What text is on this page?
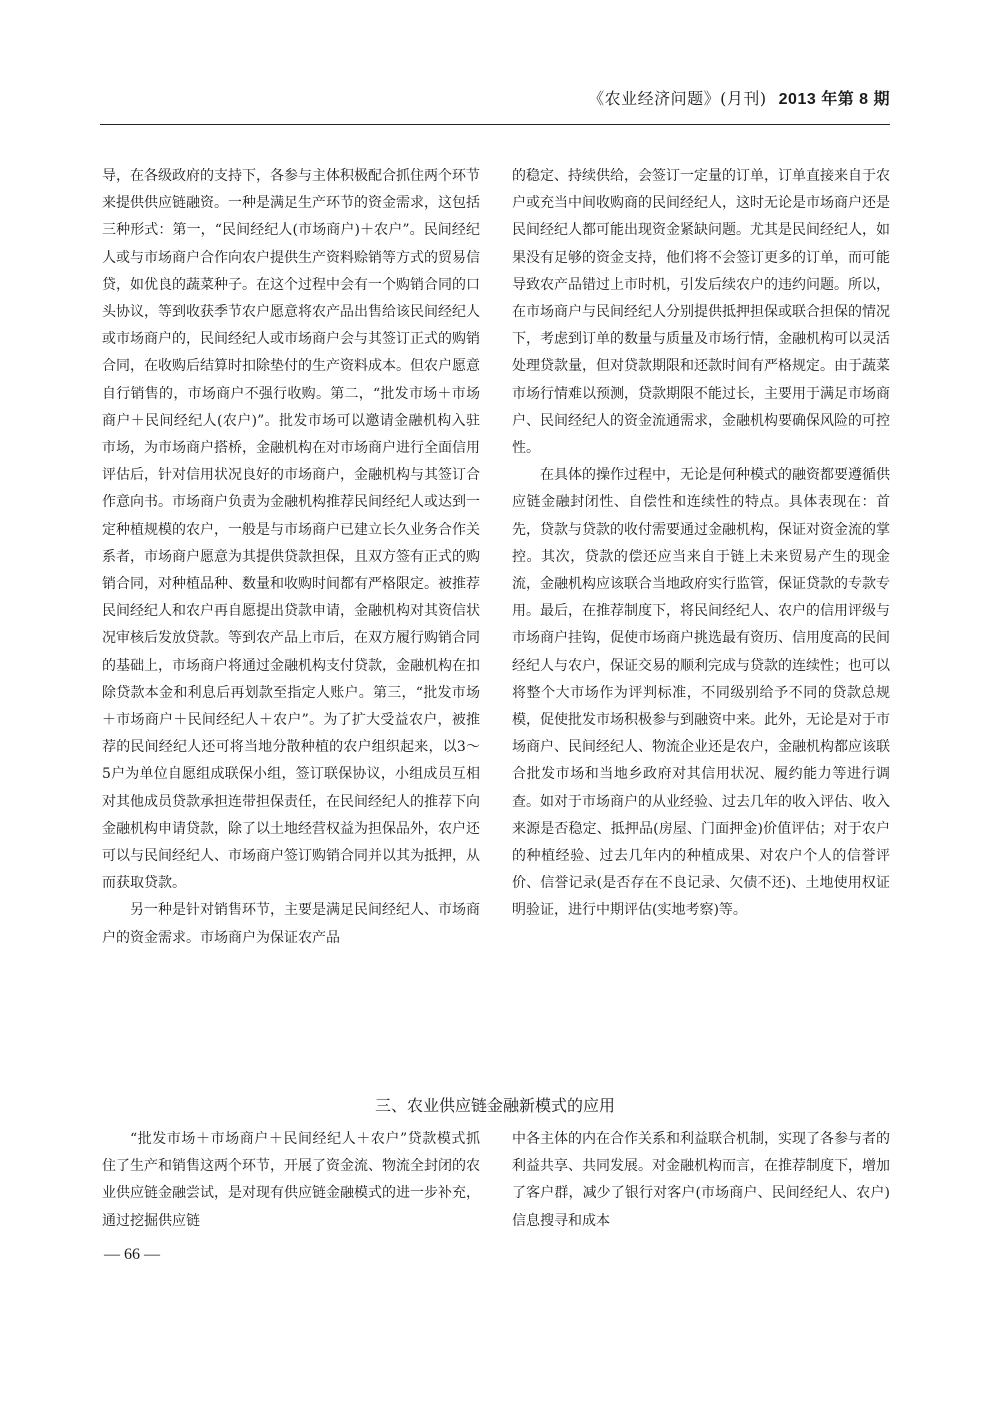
《农业经济问题》(月刊) 2013 年第 8 期

导，在各级政府的支持下，各参与主体积极配合抓住两个环节来提供供应链融资。一种是满足生产环节的资金需求，这包括三种形式：第一，“民间经纪人(市场商户)＋农户”。民间经纪人或与市场商户合作向农户提供生产资料赊销等方式的贸易信贷，如优良的蔬菜种子。在这个过程中会有一个购销合同的口头协议，等到收获季节农户愿意将农产品出售给该民间经纪人或市场商户的，民间经纪人或市场商户会与其签订正式的购销合同，在收购后结算时扣除垫付的生产资料成本。但农户愿意自行销售的，市场商户不强行收购。第二，“批发市场＋市场商户＋民间经纪人(农户)”。批发市场可以邀请金融机构入驻市场，为市场商户搭桥，金融机构在对市场商户进行全面信用评估后，针对信用状况良好的市场商户，金融机构与其签订合作意向书。市场商户负责为金融机构推荐民间经纪人或达到一定种植规模的农户，一般是与市场商户已建立长久业务合作关系者，市场商户愿意为其提供贷款担保，且双方签有正式的购销合同，对种植品种、数量和收购时间都有严格限定。被推荐民间经纪人和农户再自愿提出贷款申请，金融机构对其资信状况审核后发放贷款。等到农产品上市后，在双方履行购销合同的基础上，市场商户将通过金融机构支付贷款，金融机构在扣除贷款本金和利息后再划款至指定人账户。第三，“批发市场＋市场商户＋民间经纪人＋农户”。为了扩大受益农户，被推荐的民间经纪人还可将当地分散种植的农户组织起来，以3～5户为单位自愿组成联保小组，签订联保协议，小组成员互相对其他成员贷款承担连带担保责任，在民间经纪人的推荐下向金融机构申请贷款，除了以土地经营权益为担保品外，农户还可以与民间经纪人、市场商户签订购销合同并以其为抵押，从而获取贷款。

另一种是针对销售环节，主要是满足民间经纪人、市场商户的资金需求。市场商户为保证农产品

的稳定、持续供给，会签订一定量的订单，订单直接来自于农户或充当中间收购商的民间经纪人，这时无论是市场商户还是民间经纪人都可能出现资金紧缺问题。尤其是民间经纪人，如果没有足够的资金支持，他们将不会签订更多的订单，而可能导致农产品错过上市时机，引发后续农户的违约问题。所以，在市场商户与民间经纪人分别提供抵押担保或联合担保的情况下，考虑到订单的数量与质量及市场行情，金融机构可以灵活处理贷款量，但对贷款期限和还款时间有严格规定。由于蔬菜市场行情难以预测，贷款期限不能过长，主要用于满足市场商户、民间经纪人的资金流通需求，金融机构要确保风险的可控性。

在具体的操作过程中，无论是何种模式的融资都要遵循供应链金融封闭性、自偿性和连续性的特点。具体表现在：首先，贷款与贷款的收付需要通过金融机构，保证对资金流的掌控。其次，贷款的偿还应当来自于链上未来贸易产生的现金流，金融机构应该联合当地政府实行监管，保证贷款的专款专用。最后，在推荐制度下，将民间经纪人、农户的信用评级与市场商户挂钩，促使市场商户挑选最有资历、信用度高的民间经纪人与农户，保证交易的顺利完成与贷款的连续性；也可以将整个大市场作为评判标准，不同级别给予不同的贷款总规模，促使批发市场积极参与到融资中来。此外，无论是对于市场商户、民间经纪人、物流企业还是农户，金融机构都应该联合批发市场和当地乡政府对其信用状况、履约能力等进行调查。如对于市场商户的从业经验、过去几年的收入评估、收入来源是否稳定、抵押品(房屋、门面押金)价值评估；对于农户的种植经验、过去几年内的种植成果、对农户个人的信誉评价、信誉记录(是否存在不良记录、欠债不还)、土地使用权证明验证，进行中期评估(实地考察)等。

三、农业供应链金融新模式的应用

“批发市场＋市场商户＋民间经纪人＋农户”贷款模式抓住了生产和销售这两个环节，开展了资金流、物流全封闭的农业供应链金融尝试，是对现有供应链金融模式的进一步补充，通过挖掘供应链

中各主体的内在合作关系和利益联合机制，实现了各参与者的利益共享、共同发展。对金融机构而言，在推荐制度下，增加了客户群，减少了银行对客户(市场商户、民间经纪人、农户)信息搜寻和成本

— 66 —
